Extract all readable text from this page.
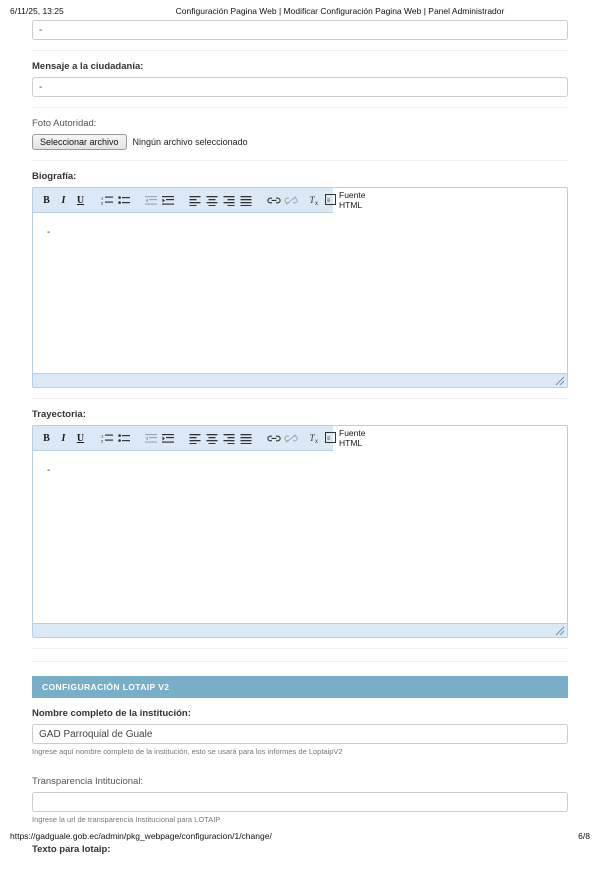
6/11/25, 13:25	Configuración Pagina Web | Modificar Configuración Pagina Web | Panel Administrador
-
Mensaje a la ciudadanía:
-
Foto Autoridad:
Seleccionar archivo	Ningún archivo seleccionado
Biografía:
B	I	U	1
2	T x
≡
Fuente HTML
-
Trayectoria:
B	I	U	1
2	T x
≡
Fuente HTML
-
CONFIGURACIÓN LOTAIP V2
Nombre completo de la institución:
GAD Parroquial de Guale
Ingrese aquí nombre completo de la institución, esto se usará para los informes de LoptaipV2
Transparencia Intitucional:
Ingrese la url de transparencia Institucional para LOTAIP
Texto para lotaip:
https://gadguale.gob.ec/admin/pkg_webpage/configuracion/1/change/	6/8
